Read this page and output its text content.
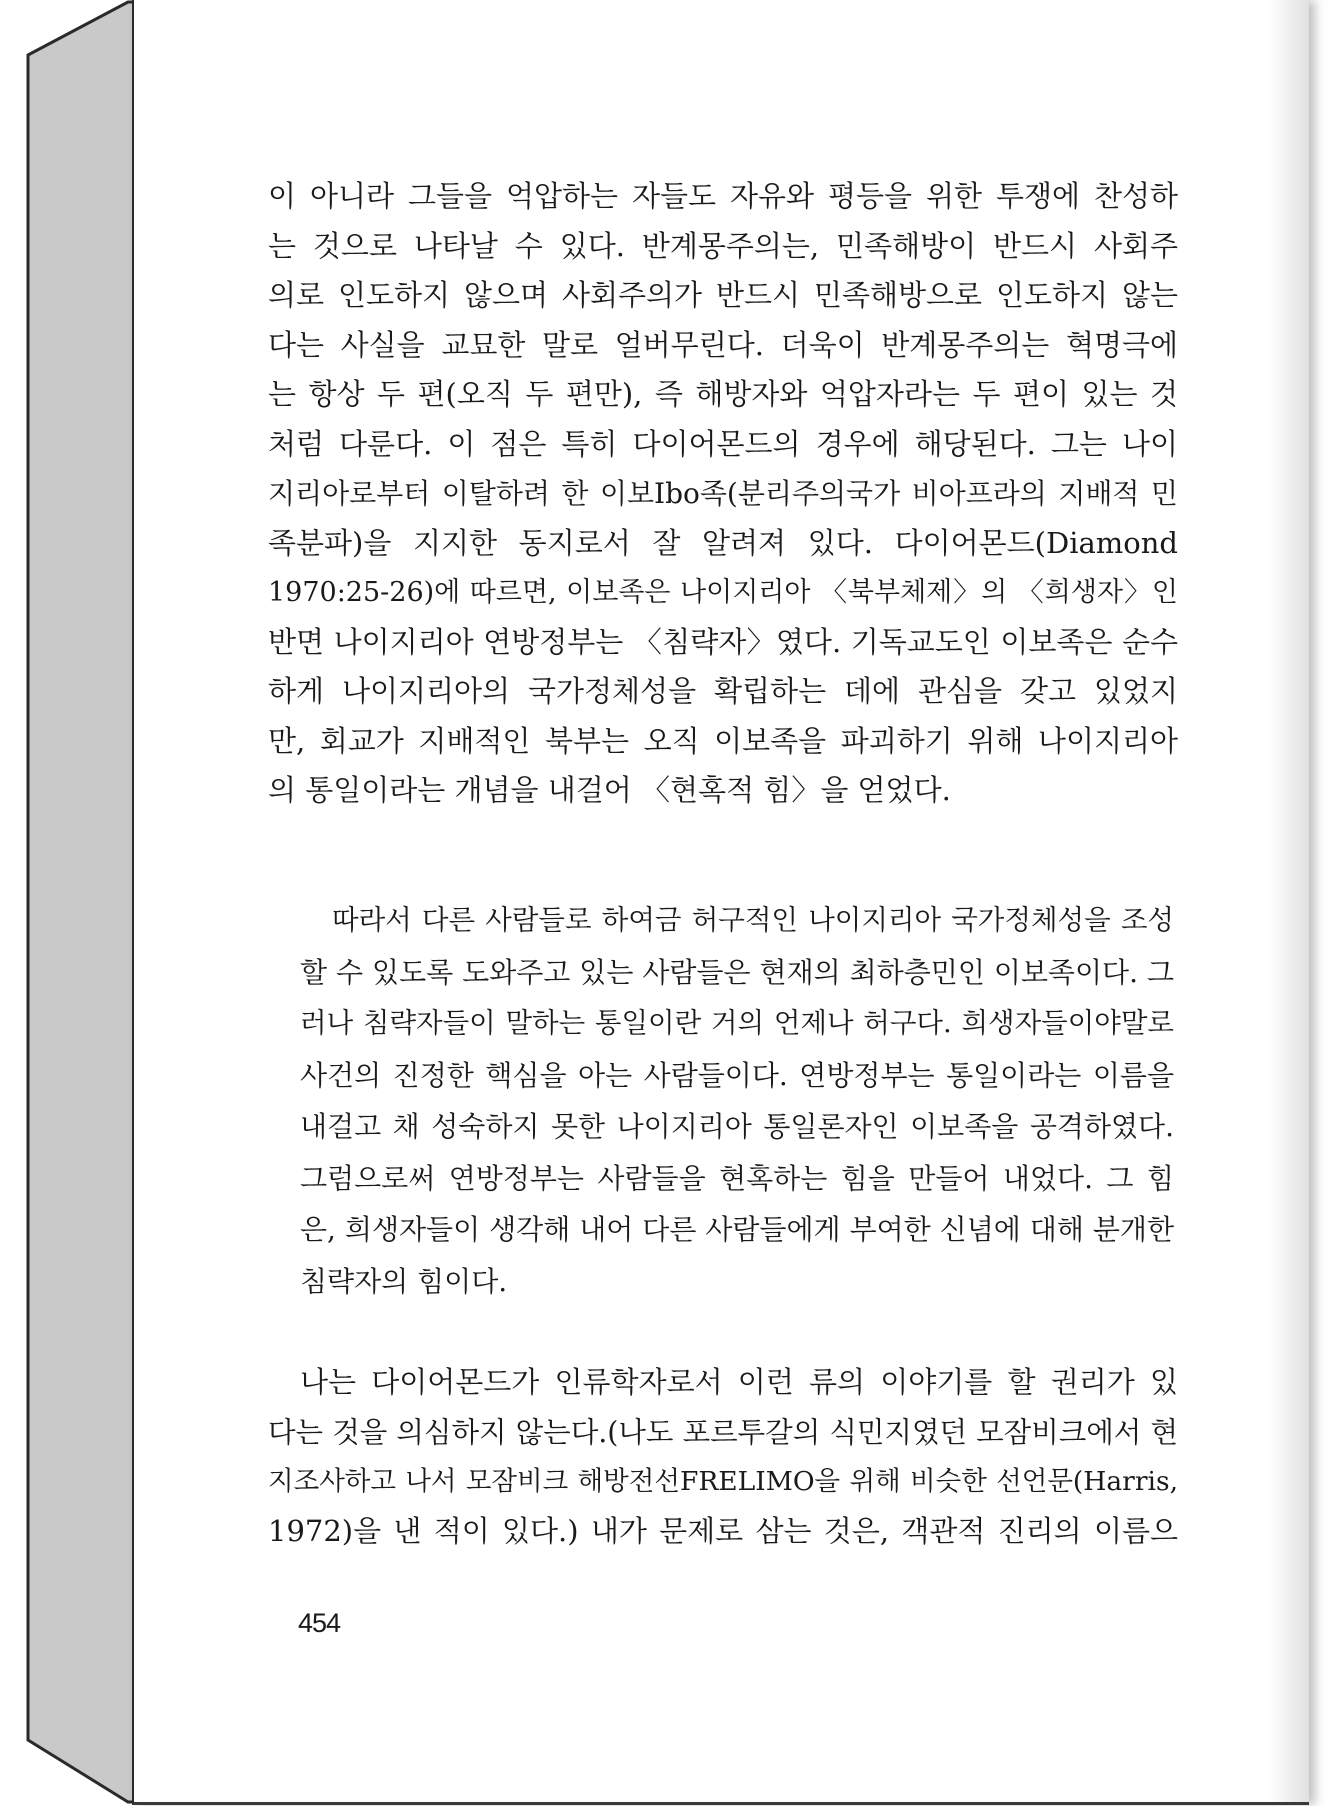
이 아니라 그들을 억압하는 자들도 자유와 평등을 위한 투쟁에 찬성하
는 것으로 나타날 수 있다. 반계몽주의는, 민족해방이 반드시 사회주
의로 인도하지 않으며 사회주의가 반드시 민족해방으로 인도하지 않는
다는 사실을 교묘한 말로 얼버무린다. 더욱이 반계몽주의는 혁명극에
는 항상 두 편(오직 두 편만), 즉 해방자와 억압자라는 두 편이 있는 것
처럼 다룬다. 이 점은 특히 다이어몬드의 경우에 해당된다. 그는 나이
지리아로부터 이탈하려 한 이보Ibo족(분리주의국가 비아프라의 지배적 민
족분파)을 지지한 동지로서 잘 알려져 있다. 다이어몬드(Diamond
1970:25-26)에 따르면, 이보족은 나이지리아 〈북부체제〉의 〈희생자〉인
반면 나이지리아 연방정부는 〈침략자〉였다. 기독교도인 이보족은 순수
하게 나이지리아의 국가정체성을 확립하는 데에 관심을 갖고 있었지
만, 회교가 지배적인 북부는 오직 이보족을 파괴하기 위해 나이지리아
의 통일이라는 개념을 내걸어 〈현혹적 힘〉을 얻었다.
따라서 다른 사람들로 하여금 허구적인 나이지리아 국가정체성을 조성
할 수 있도록 도와주고 있는 사람들은 현재의 최하층민인 이보족이다. 그
러나 침략자들이 말하는 통일이란 거의 언제나 허구다. 희생자들이야말로
사건의 진정한 핵심을 아는 사람들이다. 연방정부는 통일이라는 이름을
내걸고 채 성숙하지 못한 나이지리아 통일론자인 이보족을 공격하였다.
그럼으로써 연방정부는 사람들을 현혹하는 힘을 만들어 내었다. 그 힘
은, 희생자들이 생각해 내어 다른 사람들에게 부여한 신념에 대해 분개한
침략자의 힘이다.
나는 다이어몬드가 인류학자로서 이런 류의 이야기를 할 권리가 있
다는 것을 의심하지 않는다.(나도 포르투갈의 식민지였던 모잠비크에서 현
지조사하고 나서 모잠비크 해방전선FRELIMO을 위해 비슷한 선언문(Harris,
1972)을 낸 적이 있다.) 내가 문제로 삼는 것은, 객관적 진리의 이름으
454
